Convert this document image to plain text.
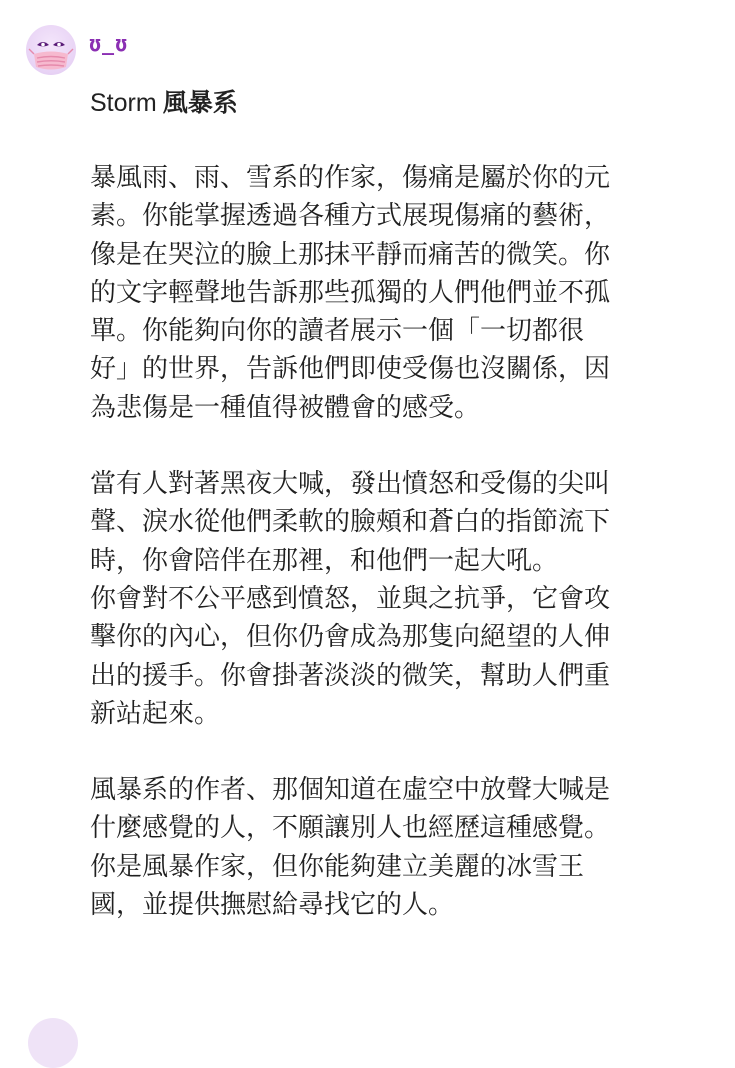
ʊ_ʊ
Storm 風暴系

暴風雨、雨、雪系的作家，傷痛是屬於你的元
素。你能掌握透過各種方式展現傷痛的藝術，
像是在哭泣的臉上那抹平靜而痛苦的微笑。你
的文字輕聲地告訴那些孤獨的人們他們並不孤
單。你能夠向你的讀者展示一個「一切都很
好」的世界，告訴他們即使受傷也沒關係，因
為悲傷是一種值得被體會的感受。

當有人對著黑夜大喊，發出憤怒和受傷的尖叫
聲、淚水從他們柔軟的臉頰和蒼白的指節流下
時，你會陪伴在那裡，和他們一起大吼。
你會對不公平感到憤怒，並與之抗爭，它會攻
擊你的內心，但你仍會成為那隻向絕望的人伸
出的援手。你會掛著淡淡的微笑，幫助人們重
新站起來。

風暴系的作者、那個知道在虛空中放聲大喊是
什麼感覺的人，不願讓別人也經歷這種感覺。
你是風暴作家，但你能夠建立美麗的冰雪王
國，並提供撫慰給尋找它的人。
